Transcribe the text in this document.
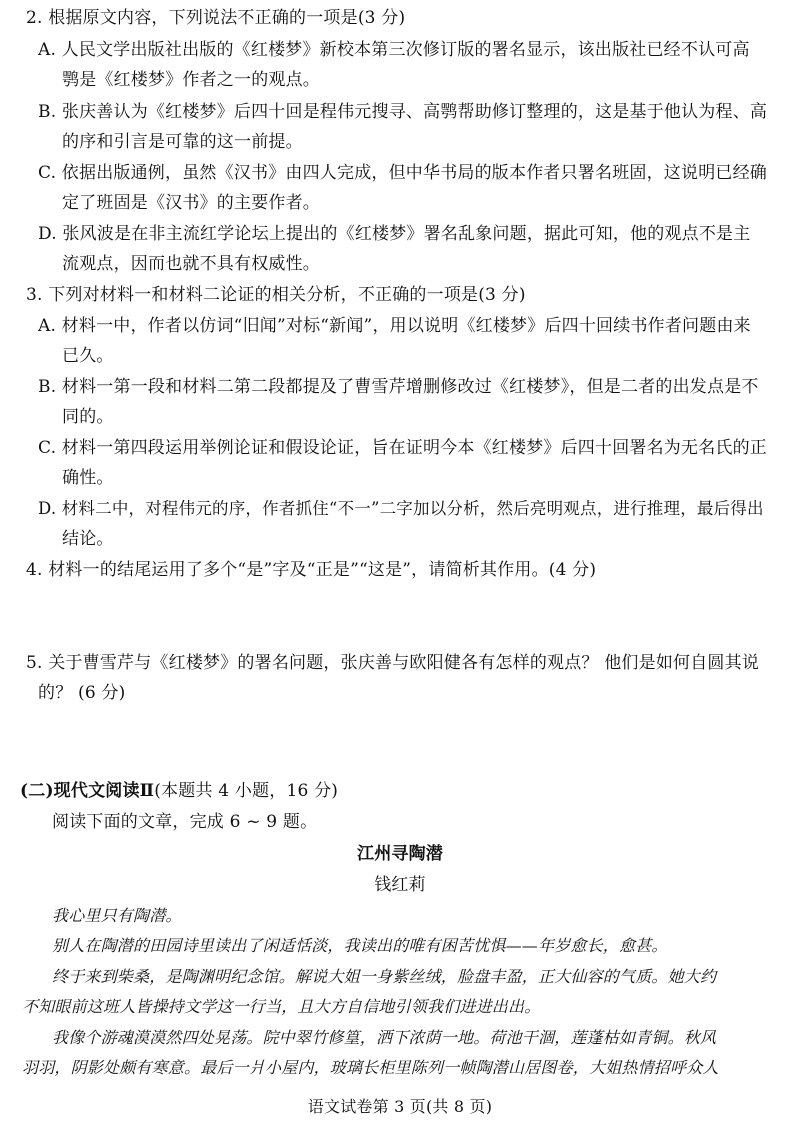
2. 根据原文内容，下列说法不正确的一项是(3 分)
A. 人民文学出版社出版的《红楼梦》新校本第三次修订版的署名显示，该出版社已经不认可高
鹗是《红楼梦》作者之一的观点。
B. 张庆善认为《红楼梦》后四十回是程伟元搜寻、高鹗帮助修订整理的，这是基于他认为程、高
的序和引言是可靠的这一前提。
C. 依据出版通例，虽然《汉书》由四人完成，但中华书局的版本作者只署名班固，这说明已经确
定了班固是《汉书》的主要作者。
D. 张风波是在非主流红学论坛上提出的《红楼梦》署名乱象问题，据此可知，他的观点不是主
流观点，因而也就不具有权威性。
3. 下列对材料一和材料二论证的相关分析，不正确的一项是(3 分)
A. 材料一中，作者以仿词“旧闻”对标“新闻”，用以说明《红楼梦》后四十回续书作者问题由来
已久。
B. 材料一第一段和材料二第二段都提及了曹雪芹增删修改过《红楼梦》，但是二者的出发点是不
同的。
C. 材料一第四段运用举例论证和假设论证，旨在证明今本《红楼梦》后四十回署名为无名氏的正
确性。
D. 材料二中，对程伟元的序，作者抓住“不一”二字加以分析，然后亮明观点，进行推理，最后得出
结论。
4. 材料一的结尾运用了多个“是”字及“正是”“这是”，请简析其作用。(4 分)
5. 关于曹雪芹与《红楼梦》的署名问题，张庆善与欧阳健各有怎样的观点？ 他们是如何自圆其说
的？ (6 分)
(二)现代文阅读Ⅱ(本题共 4 小题，16 分)
阅读下面的文章，完成 6 ~ 9 题。
江州寻陶潜
钱红莉
我心里只有陶潜。
别人在陶潜的田园诗里读出了闲适恬淡，我读出的唯有困苦忧惧——年岁愈长，愈甚。
终于来到柴桑，是陶渊明纪念馆。解说大姐一身紫丝绒，脸盘丰盈，正大仙容的气质。她大约
不知眼前这班人皆操持文学这一行当，且大方自信地引领我们进进出出。
我像个游魂漠漠然四处晃荡。院中翠竹修篁，洒下浓荫一地。荷池干涸，莲蓬枯如青铜。秋风
羽羽，阴影处颇有寒意。最后一爿小屋内，玻璃长柜里陈列一帧陶潜山居图卷，大姐热情招呼众人
语文试卷第 3 页(共 8 页)
